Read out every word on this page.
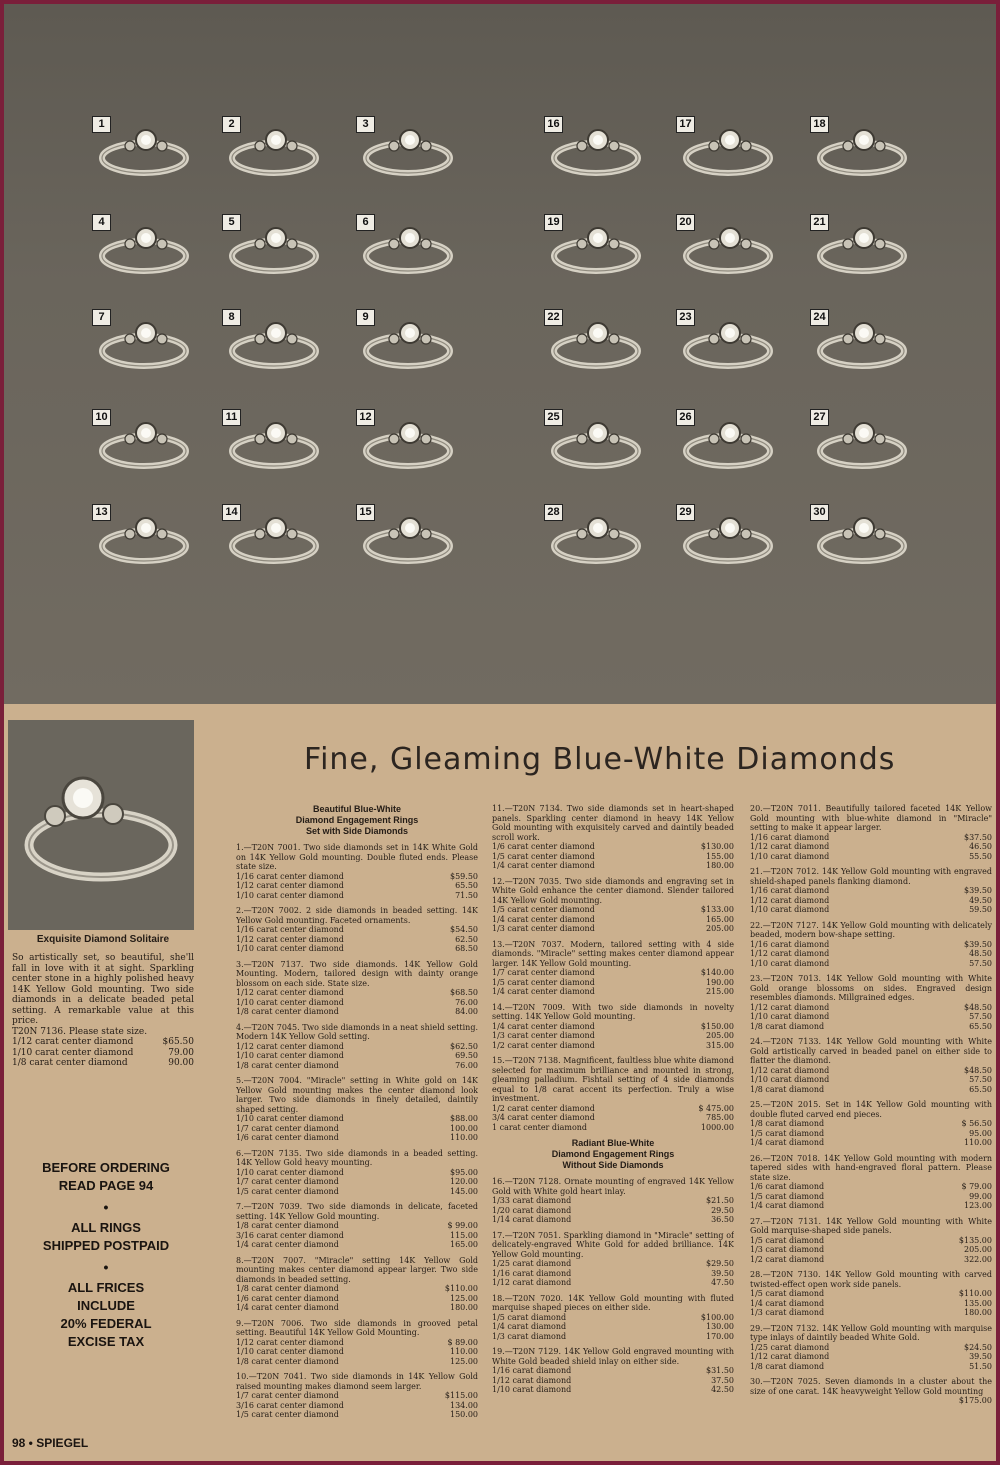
1	2	3
4	5	6
7	8	9
10	11	12
13	14	15
16	17	18
19	20	21
22	23	24
25	26	27
28	29	30
Fine, Gleaming Blue-White Diamonds
Exquisite Diamond Solitaire
So artistically set, so beautiful, she'll fall in love with it at sight. Sparkling center stone in a highly polished heavy 14K Yellow Gold mounting. Two side diamonds in a delicate beaded petal setting. A remarkable value at this price.
T20N 7136. Please state size.
1/12 carat center diamond	$65.50
1/10 carat center diamond	79.00
1/8 carat center diamond	90.00
BEFORE ORDERING
READ PAGE 94
•
ALL RINGS
SHIPPED POSTPAID
•
ALL FRICES
INCLUDE
20% FEDERAL
EXCISE TAX
Beautiful Blue-White
Diamond Engagement Rings
Set with Side Diamonds
1.—T20N 7001. Two side diamonds set in 14K White Gold on 14K Yellow Gold mounting. Double fluted ends. Please state size.
1/16 carat center diamond	$59.50
1/12 carat center diamond	65.50
1/10 carat center diamond	71.50
2.—T20N 7002. 2 side diamonds in beaded setting. 14K Yellow Gold mounting. Faceted ornaments.
1/16 carat center diamond	$54.50
1/12 carat center diamond	62.50
1/10 carat center diamond	68.50
3.—T20N 7137. Two side diamonds. 14K Yellow Gold Mounting. Modern, tailored design with dainty orange blossom on each side. State size.
1/12 carat center diamond	$68.50
1/10 carat center diamond	76.00
1/8 carat center diamond	84.00
4.—T20N 7045. Two side diamonds in a neat shield setting. Modern 14K Yellow Gold setting.
1/12 carat center diamond	$62.50
1/10 carat center diamond	69.50
1/8 carat center diamond	76.00
5.—T20N 7004. "Miracle" setting in White gold on 14K Yellow Gold mounting makes the center diamond look larger. Two side diamonds in finely detailed, daintily shaped setting.
1/10 carat center diamond	$88.00
1/7 carat center diamond	100.00
1/6 carat center diamond	110.00
6.—T20N 7135. Two side diamonds in a beaded setting. 14K Yellow Gold heavy mounting.
1/10 carat center diamond	$95.00
1/7 carat center diamond	120.00
1/5 carat center diamond	145.00
7.—T20N 7039. Two side diamonds in delicate, faceted setting. 14K Yellow Gold mounting.
1/8 carat center diamond	$ 99.00
3/16 carat center diamond	115.00
1/4 carat center diamond	165.00
8.—T20N 7007. "Miracle" setting 14K Yellow Gold mounting makes center diamond appear larger. Two side diamonds in beaded setting.
1/8 carat center diamond	$110.00
1/6 carat center diamond	125.00
1/4 carat center diamond	180.00
9.—T20N 7006. Two side diamonds in grooved petal setting. Beautiful 14K Yellow Gold Mounting.
1/12 carat center diamond	$ 89.00
1/10 carat center diamond	110.00
1/8 carat center diamond	125.00
10.—T20N 7041. Two side diamonds in 14K Yellow Gold raised mounting makes diamond seem larger.
1/7 carat center diamond	$115.00
3/16 carat center diamond	134.00
1/5 carat center diamond	150.00
11.—T20N 7134. Two side diamonds set in heart-shaped panels. Sparkling center diamond in heavy 14K Yellow Gold mounting with exquisitely carved and daintily beaded scroll work.
1/6 carat center diamond	$130.00
1/5 carat center diamond	155.00
1/4 carat center diamond	180.00
12.—T20N 7035. Two side diamonds and engraving set in White Gold enhance the center diamond. Slender tailored 14K Yellow Gold mounting.
1/5 carat center diamond	$133.00
1/4 carat center diamond	165.00
1/3 carat center diamond	205.00
13.—T20N 7037. Modern, tailored setting with 4 side diamonds. "Miracle" setting makes center diamond appear larger. 14K Yellow Gold mounting.
1/7 carat center diamond	$140.00
1/5 carat center diamond	190.00
1/4 carat center diamond	215.00
14.—T20N 7009. With two side diamonds in novelty setting. 14K Yellow Gold mounting.
1/4 carat center diamond	$150.00
1/3 carat center diamond	205.00
1/2 carat center diamond	315.00
15.—T20N 7138. Magnificent, faultless blue white diamond selected for maximum brilliance and mounted in strong, gleaming palladium. Fishtail setting of 4 side diamonds equal to 1/8 carat accent its perfection. Truly a wise investment.
1/2 carat center diamond	$ 475.00
3/4 carat center diamond	785.00
1 carat center diamond	1000.00
Radiant Blue-White
Diamond Engagement Rings
Without Side Diamonds
16.—T20N 7128. Ornate mounting of engraved 14K Yellow Gold with White gold heart inlay.
1/33 carat diamond	$21.50
1/20 carat diamond	29.50
1/14 carat diamond	36.50
17.—T20N 7051. Sparkling diamond in "Miracle" setting of delicately-engraved White Gold for added brilliance. 14K Yellow Gold mounting.
1/25 carat diamond	$29.50
1/16 carat diamond	39.50
1/12 carat diamond	47.50
18.—T20N 7020. 14K Yellow Gold mounting with fluted marquise shaped pieces on either side.
1/5 carat diamond	$100.00
1/4 carat diamond	130.00
1/3 carat diamond	170.00
19.—T20N 7129. 14K Yellow Gold engraved mounting with White Gold beaded shield inlay on either side.
1/16 carat diamond	$31.50
1/12 carat diamond	37.50
1/10 carat diamond	42.50
20.—T20N 7011. Beautifully tailored faceted 14K Yellow Gold mounting with blue-white diamond in "Miracle" setting to make it appear larger.
1/16 carat diamond	$37.50
1/12 carat diamond	46.50
1/10 carat diamond	55.50
21.—T20N 7012. 14K Yellow Gold mounting with engraved shield-shaped panels flanking diamond.
1/16 carat diamond	$39.50
1/12 carat diamond	49.50
1/10 carat diamond	59.50
22.—T20N 7127. 14K Yellow Gold mounting with delicately beaded, modern bow-shape setting.
1/16 carat diamond	$39.50
1/12 carat diamond	48.50
1/10 carat diamond	57.50
23.—T20N 7013. 14K Yellow Gold mounting with White Gold orange blossoms on sides. Engraved design resembles diamonds. Millgrained edges.
1/12 carat diamond	$48.50
1/10 carat diamond	57.50
1/8 carat diamond	65.50
24.—T20N 7133. 14K Yellow Gold mounting with White Gold artistically carved in beaded panel on either side to flatter the diamond.
1/12 carat diamond	$48.50
1/10 carat diamond	57.50
1/8 carat diamond	65.50
25.—T20N 2015. Set in 14K Yellow Gold mounting with double fluted carved end pieces.
1/8 carat diamond	$ 56.50
1/5 carat diamond	95.00
1/4 carat diamond	110.00
26.—T20N 7018. 14K Yellow Gold mounting with modern tapered sides with hand-engraved floral pattern. Please state size.
1/6 carat diamond	$ 79.00
1/5 carat diamond	99.00
1/4 carat diamond	123.00
27.—T20N 7131. 14K Yellow Gold mounting with White Gold marquise-shaped side panels.
1/5 carat diamond	$135.00
1/3 carat diamond	205.00
1/2 carat diamond	322.00
28.—T20N 7130. 14K Yellow Gold mounting with carved twisted-effect open work side panels.
1/5 carat diamond	$110.00
1/4 carat diamond	135.00
1/3 carat diamond	180.00
29.—T20N 7132. 14K Yellow Gold mounting with marquise type inlays of daintily beaded White Gold.
1/25 carat diamond	$24.50
1/12 carat diamond	39.50
1/8 carat diamond	51.50
30.—T20N 7025. Seven diamonds in a cluster about the size of one carat. 14K heavyweight Yellow Gold mounting
$175.00
98 • SPIEGEL
